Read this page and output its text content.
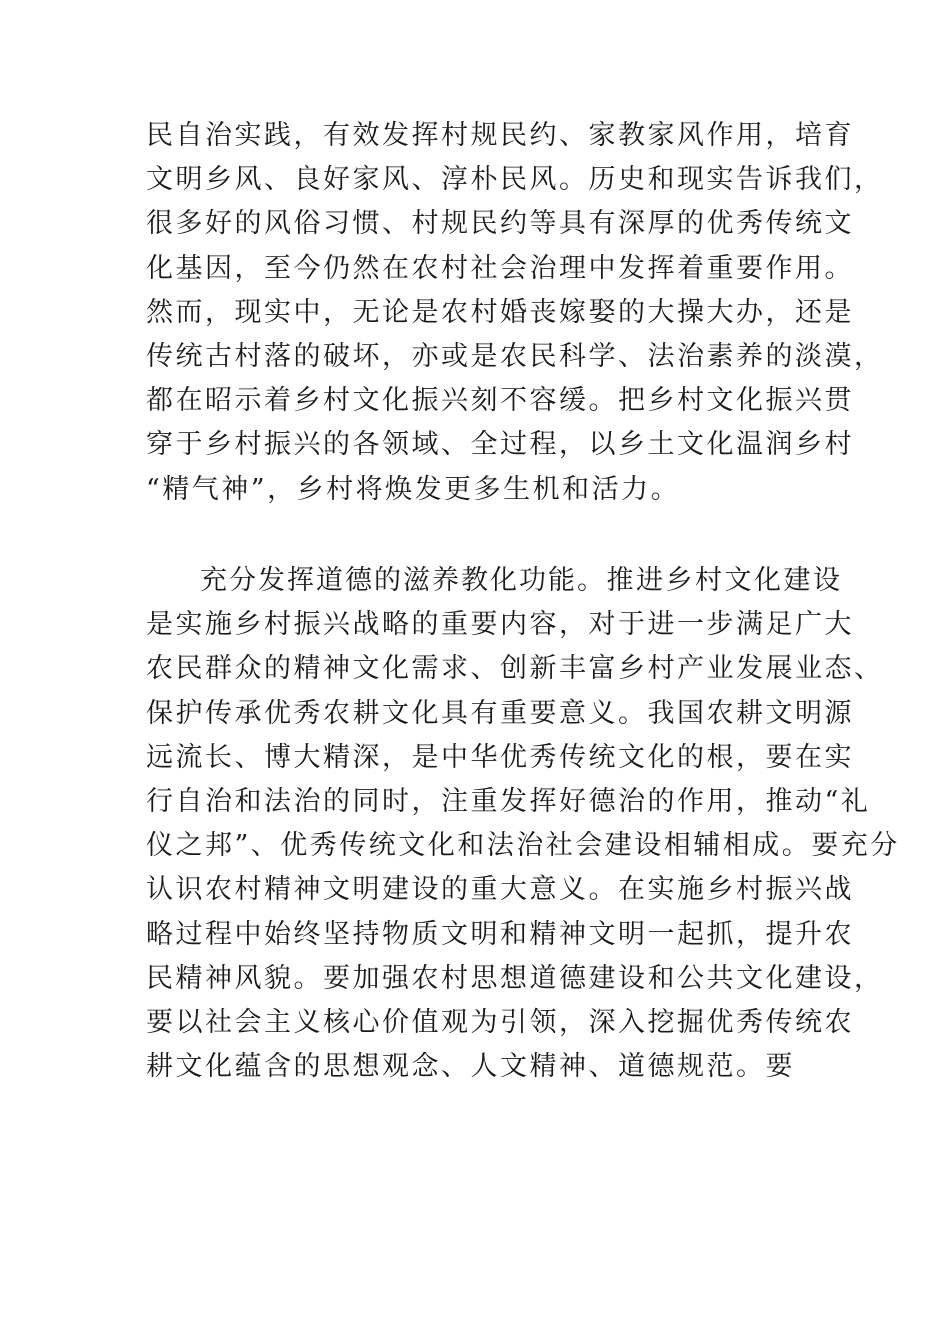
民自治实践，有效发挥村规民约、家教家风作用，培育
文明乡风、良好家风、淳朴民风。历史和现实告诉我们，
很多好的风俗习惯、村规民约等具有深厚的优秀传统文
化基因，至今仍然在农村社会治理中发挥着重要作用。
然而，现实中，无论是农村婚丧嫁娶的大操大办，还是
传统古村落的破坏，亦或是农民科学、法治素养的淡漠，
都在昭示着乡村文化振兴刻不容缓。把乡村文化振兴贯
穿于乡村振兴的各领域、全过程，以乡土文化温润乡村
“精气神”，乡村将焕发更多生机和活力。
充分发挥道德的滋养教化功能。推进乡村文化建设
是实施乡村振兴战略的重要内容，对于进一步满足广大
农民群众的精神文化需求、创新丰富乡村产业发展业态、
保护传承优秀农耕文化具有重要意义。我国农耕文明源
远流长、博大精深，是中华优秀传统文化的根，要在实
行自治和法治的同时，注重发挥好德治的作用，推动“礼
仪之邦”、优秀传统文化和法治社会建设相辅相成。要充分
认识农村精神文明建设的重大意义。在实施乡村振兴战
略过程中始终坚持物质文明和精神文明一起抓，提升农
民精神风貌。要加强农村思想道德建设和公共文化建设，
要以社会主义核心价值观为引领，深入挖掘优秀传统农
耕文化蕴含的思想观念、人文精神、道德规范。要
